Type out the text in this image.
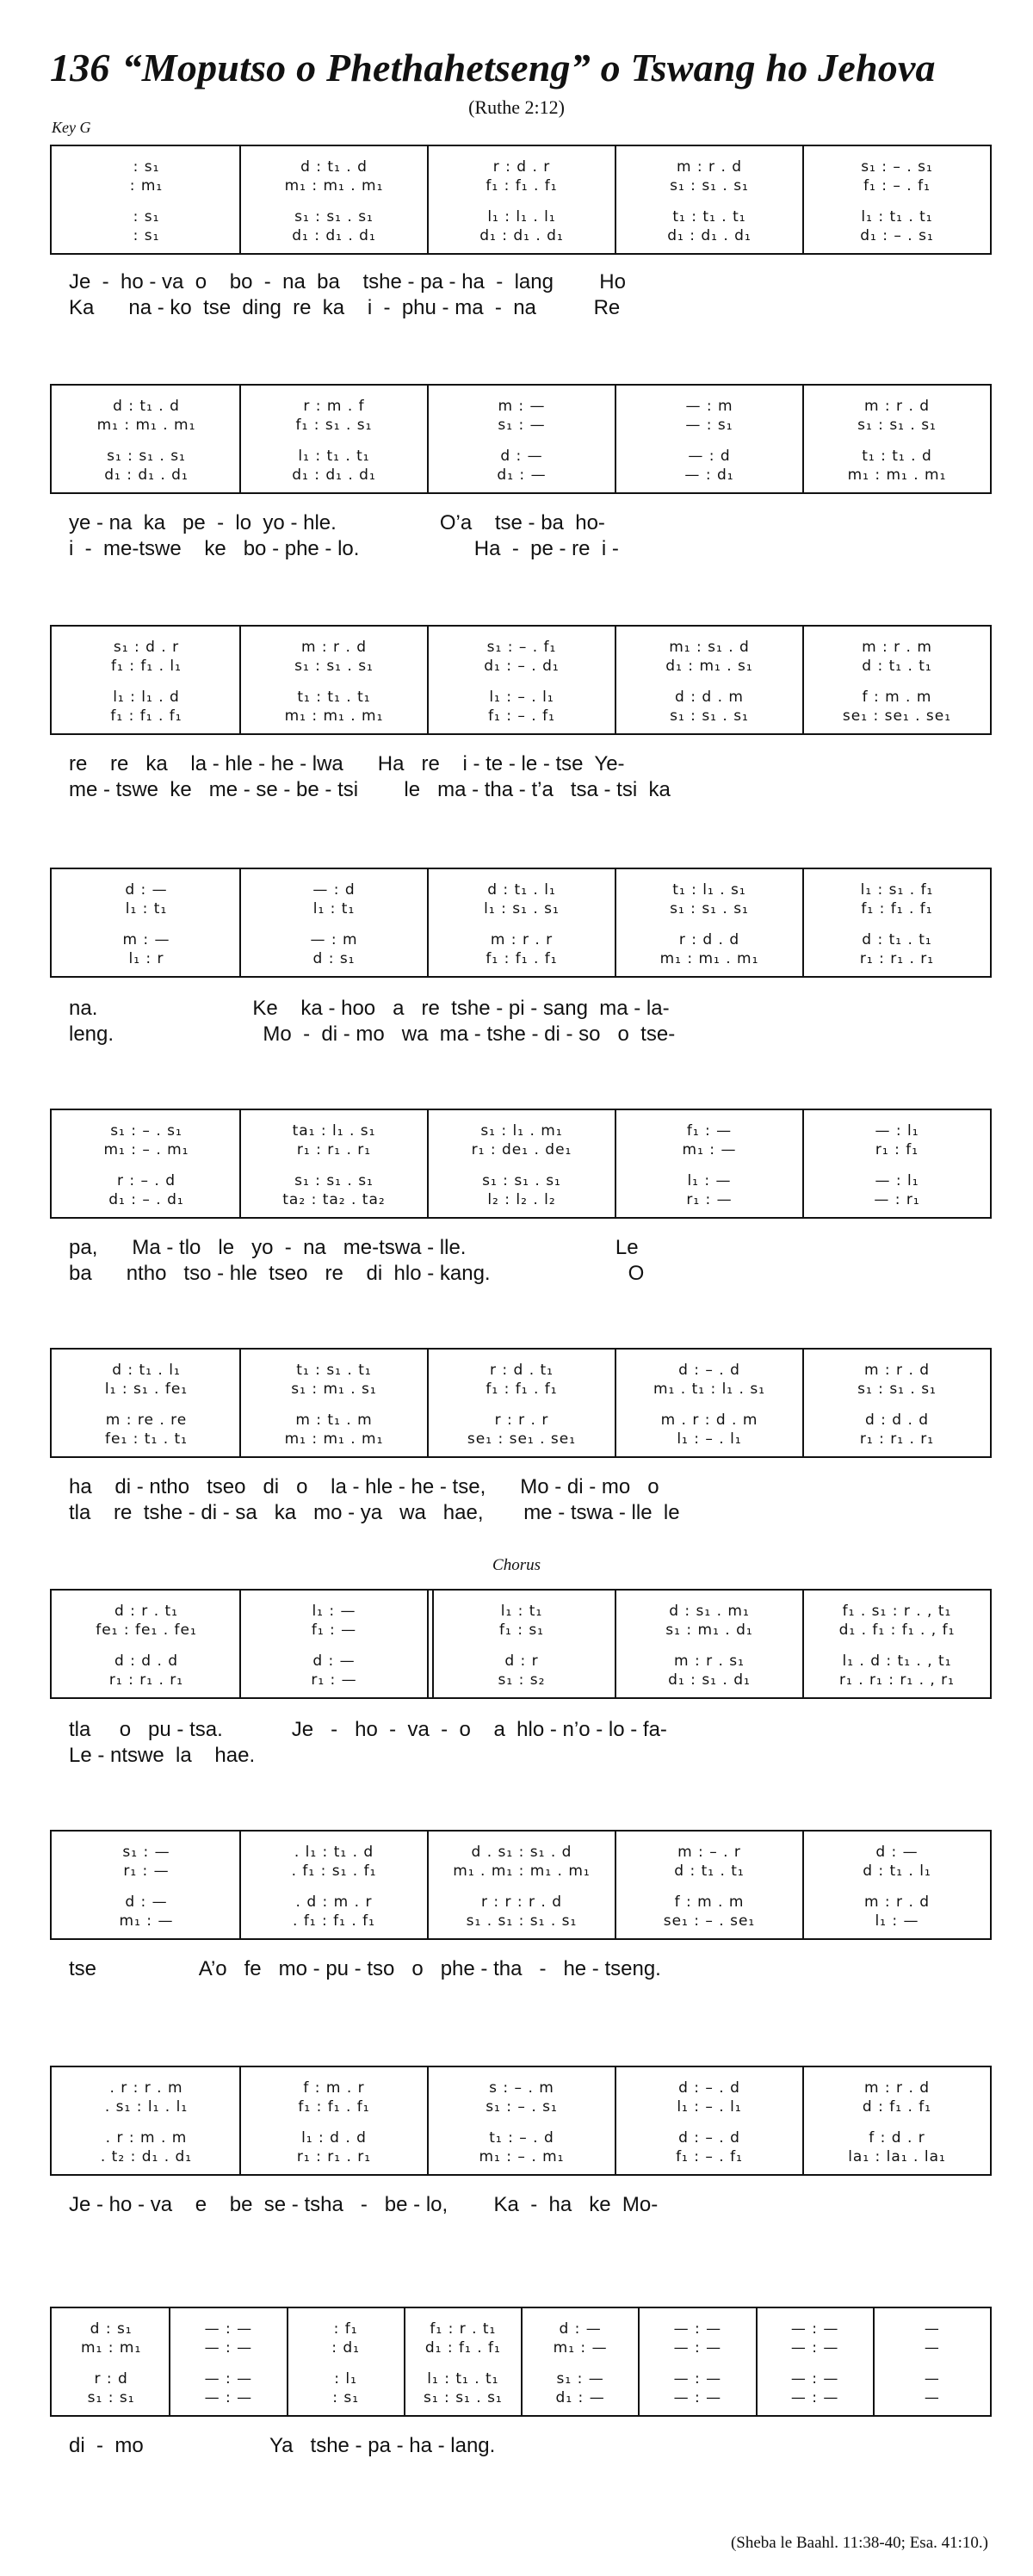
136 “Moputso o Phethahetseng” o Tswang ho Jehova
(Ruthe 2:12)
Key G
Chorus
(Sheba le Baahl. 11:38-40; Esa. 41:10.)
: s₁	d : t₁ . d	r : d . r	m : r . d	s₁ : – . s₁
: m₁	m₁ : m₁ . m₁	f₁ : f₁ . f₁	s₁ : s₁ . s₁	f₁ : – . f₁
: s₁	s₁ : s₁ . s₁	l₁ : l₁ . l₁	t₁ : t₁ . t₁	l₁ : t₁ . t₁
: s₁	d₁ : d₁ . d₁	d₁ : d₁ . d₁	d₁ : d₁ . d₁	d₁ : – . s₁
Je  -  ho - va  o    bo  -  na  ba    tshe - pa - ha  -  lang        Ho
Ka      na - ko  tse  ding  re  ka    i  -  phu - ma  -  na          Re
d : t₁ . d	r : m . f	m : —	— : m	m : r . d
m₁ : m₁ . m₁	f₁ : s₁ . s₁	s₁ : —	— : s₁	s₁ : s₁ . s₁
s₁ : s₁ . s₁	l₁ : t₁ . t₁	d : —	— : d	t₁ : t₁ . d
d₁ : d₁ . d₁	d₁ : d₁ . d₁	d₁ : —	— : d₁	m₁ : m₁ . m₁
ye - na  ka   pe  -  lo  yo - hle.                  O’a    tse - ba  ho-
i  -  me-tswe    ke   bo - phe - lo.                    Ha  -  pe - re  i -
s₁ : d . r	m : r . d	s₁ : – . f₁	m₁ : s₁ . d	m : r . m
f₁ : f₁ . l₁	s₁ : s₁ . s₁	d₁ : – . d₁	d₁ : m₁ . s₁	d : t₁ . t₁
l₁ : l₁ . d	t₁ : t₁ . t₁	l₁ : – . l₁	d : d . m	f : m . m
f₁ : f₁ . f₁	m₁ : m₁ . m₁	f₁ : – . f₁	s₁ : s₁ . s₁	se₁ : se₁ . se₁
re    re   ka    la - hle - he - lwa      Ha   re    i - te - le - tse  Ye-
me - tswe  ke   me - se - be - tsi        le   ma - tha - t’a   tsa - tsi  ka
d : —	— : d	d : t₁ . l₁	t₁ : l₁ . s₁	l₁ : s₁ . f₁
l₁ : t₁	l₁ : t₁	l₁ : s₁ . s₁	s₁ : s₁ . s₁	f₁ : f₁ . f₁
m : —	— : m	m : r . r	r : d . d	d : t₁ . t₁
l₁ : r	d : s₁	f₁ : f₁ . f₁	m₁ : m₁ . m₁	r₁ : r₁ . r₁
na.                           Ke    ka - hoo   a   re  tshe - pi - sang  ma - la-
leng.                          Mo  -  di - mo   wa  ma - tshe - di - so   o  tse-
s₁ : – . s₁	ta₁ : l₁ . s₁	s₁ : l₁ . m₁	f₁ : —	— : l₁
m₁ : – . m₁	r₁ : r₁ . r₁	r₁ : de₁ . de₁	m₁ : —	r₁ : f₁
r : – . d	s₁ : s₁ . s₁	s₁ : s₁ . s₁	l₁ : —	— : l₁
d₁ : – . d₁	ta₂ : ta₂ . ta₂	l₂ : l₂ . l₂	r₁ : —	— : r₁
pa,      Ma - tlo   le   yo  -  na   me-tswa - lle.                          Le
ba      ntho   tso - hle  tseo   re    di  hlo - kang.                        O
d : t₁ . l₁	t₁ : s₁ . t₁	r : d . t₁	d : – . d	m : r . d
l₁ : s₁ . fe₁	s₁ : m₁ . s₁	f₁ : f₁ . f₁	m₁ . t₁ : l₁ . s₁	s₁ : s₁ . s₁
m : re . re	m : t₁ . m	r : r . r	m . r : d . m	d : d . d
fe₁ : t₁ . t₁	m₁ : m₁ . m₁	se₁ : se₁ . se₁	l₁ : – . l₁	r₁ : r₁ . r₁
ha    di - ntho   tseo   di   o    la - hle - he - tse,      Mo - di - mo   o
tla    re  tshe - di - sa   ka   mo - ya   wa   hae,       me - tswa - lle  le
d : r . t₁	l₁ : —	l₁ : t₁	d : s₁ . m₁	f₁ . s₁ : r . , t₁
fe₁ : fe₁ . fe₁	f₁ : —	f₁ : s₁	s₁ : m₁ . d₁	d₁ . f₁ : f₁ . , f₁
d : d . d	d : —	d : r	m : r . s₁	l₁ . d : t₁ . , t₁
r₁ : r₁ . r₁	r₁ : —	s₁ : s₂	d₁ : s₁ . d₁	r₁ . r₁ : r₁ . , r₁
tla     o   pu - tsa.            Je   -   ho  -  va  -  o    a  hlo - n’o - lo - fa-
Le - ntswe  la    hae.
s₁ : —	. l₁ : t₁ . d	d . s₁ : s₁ . d	m : – . r	d : —
r₁ : —	. f₁ : s₁ . f₁	m₁ . m₁ : m₁ . m₁	d : t₁ . t₁	d : t₁ . l₁
d : —	. d : m . r	r : r : r . d	f : m . m	m : r . d
m₁ : —	. f₁ : f₁ . f₁	s₁ . s₁ : s₁ . s₁	se₁ : – . se₁	l₁ : —
tse                  A’o   fe   mo - pu - tso   o   phe - tha   -   he - tseng.
. r : r . m	f : m . r	s : – . m	d : – . d	m : r . d
. s₁ : l₁ . l₁	f₁ : f₁ . f₁	s₁ : – . s₁	l₁ : – . l₁	d : f₁ . f₁
. r : m . m	l₁ : d . d	t₁ : – . d	d : – . d	f : d . r
. t₂ : d₁ . d₁	r₁ : r₁ . r₁	m₁ : – . m₁	f₁ : – . f₁	la₁ : la₁ . la₁
Je - ho - va    e    be  se - tsha   -   be - lo,        Ka  -  ha   ke  Mo-
d : s₁	— : —	: f₁	f₁ : r . t₁	d : —	— : —	— : —	—
m₁ : m₁	— : —	: d₁	d₁ : f₁ . f₁	m₁ : —	— : —	— : —	—
r : d	— : —	: l₁	l₁ : t₁ . t₁	s₁ : —	— : —	— : —	—
s₁ : s₁	— : —	: s₁	s₁ : s₁ . s₁	d₁ : —	— : —	— : —	—
di  -  mo                      Ya   tshe - pa - ha - lang.
